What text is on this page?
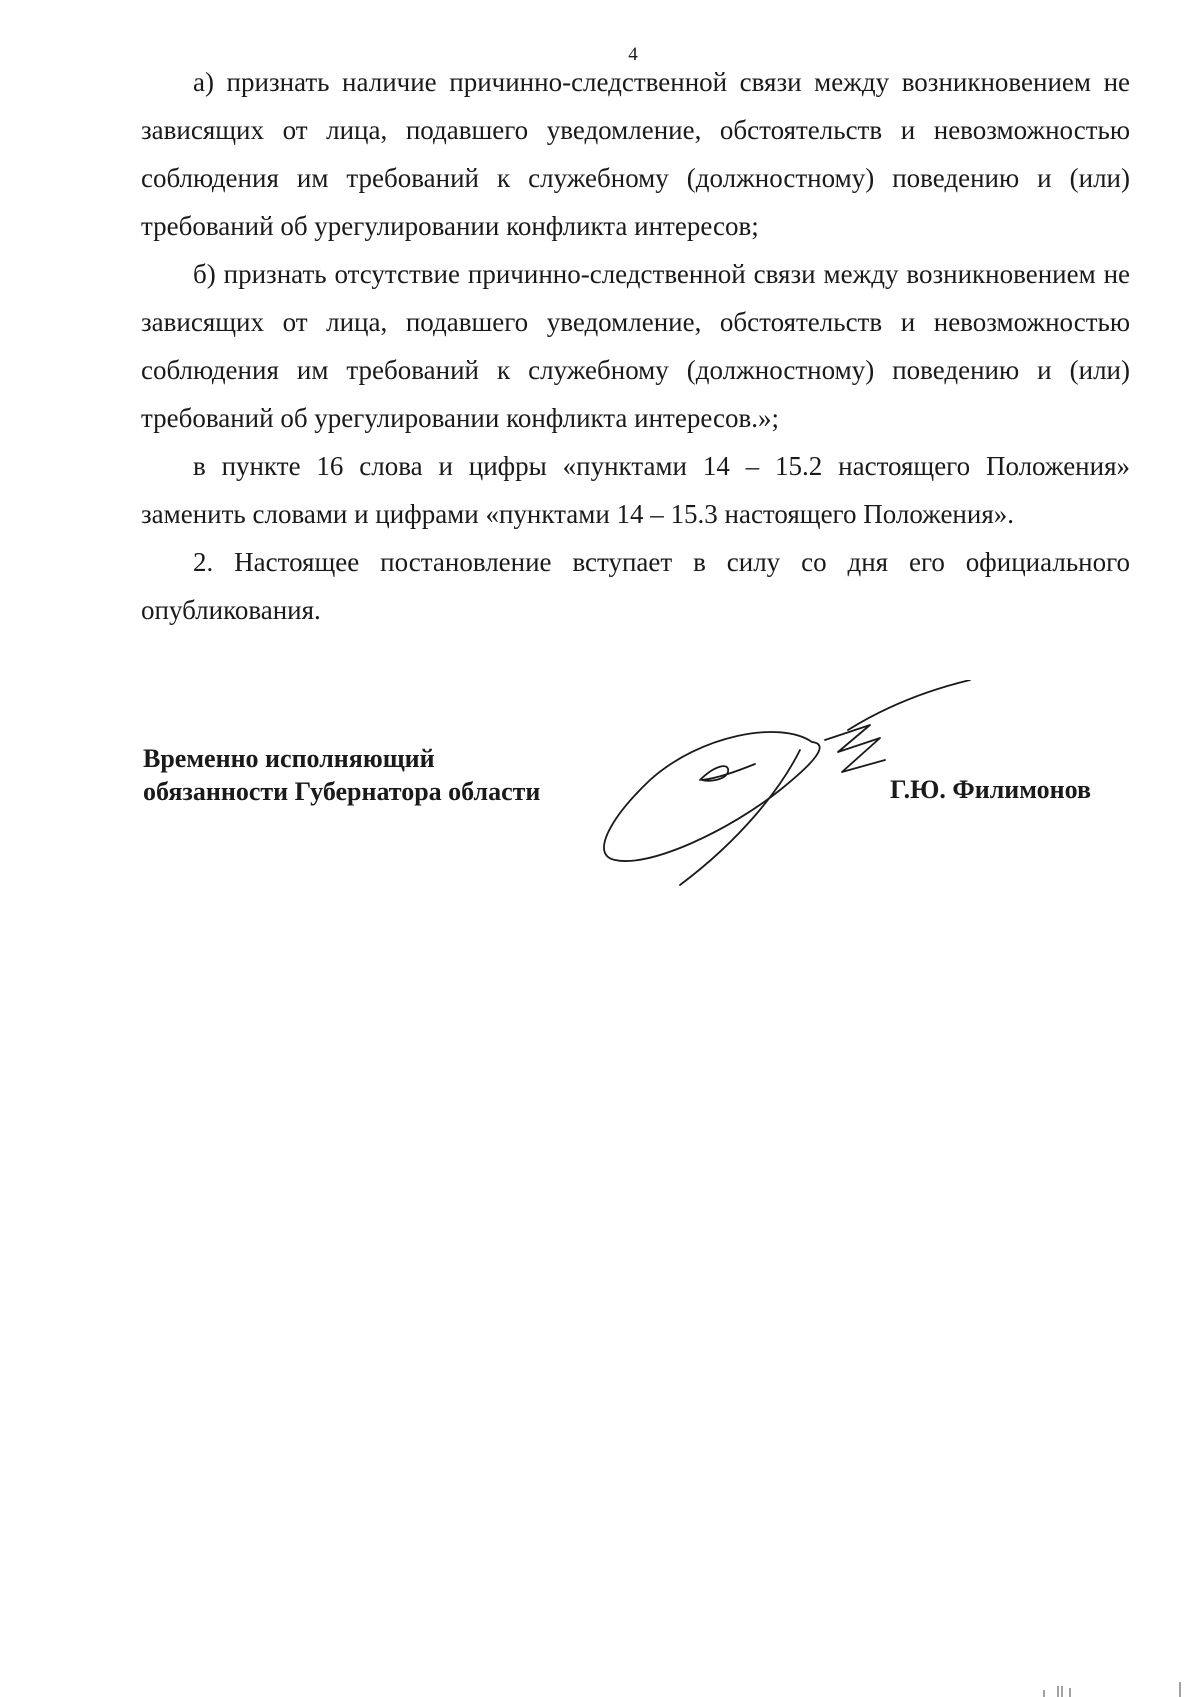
4

а) признать наличие причинно-следственной связи между возникновением не зависящих от лица, подавшего уведомление, обстоятельств и невозможностью соблюдения им требований к служебному (должностному) поведению и (или) требований об урегулировании конфликта интересов;

б) признать отсутствие причинно-следственной связи между возникновением не зависящих от лица, подавшего уведомление, обстоятельств и невозможностью соблюдения им требований к служебному (должностному) поведению и (или) требований об урегулировании конфликта интересов.»;

в пункте 16 слова и цифры «пунктами 14 – 15.2 настоящего Положения» заменить словами и цифрами «пунктами 14 – 15.3 настоящего Положения».

2. Настоящее постановление вступает в силу со дня его официального опубликования.

Временно исполняющий
обязанности Губернатора области	Г.Ю. Филимонов
